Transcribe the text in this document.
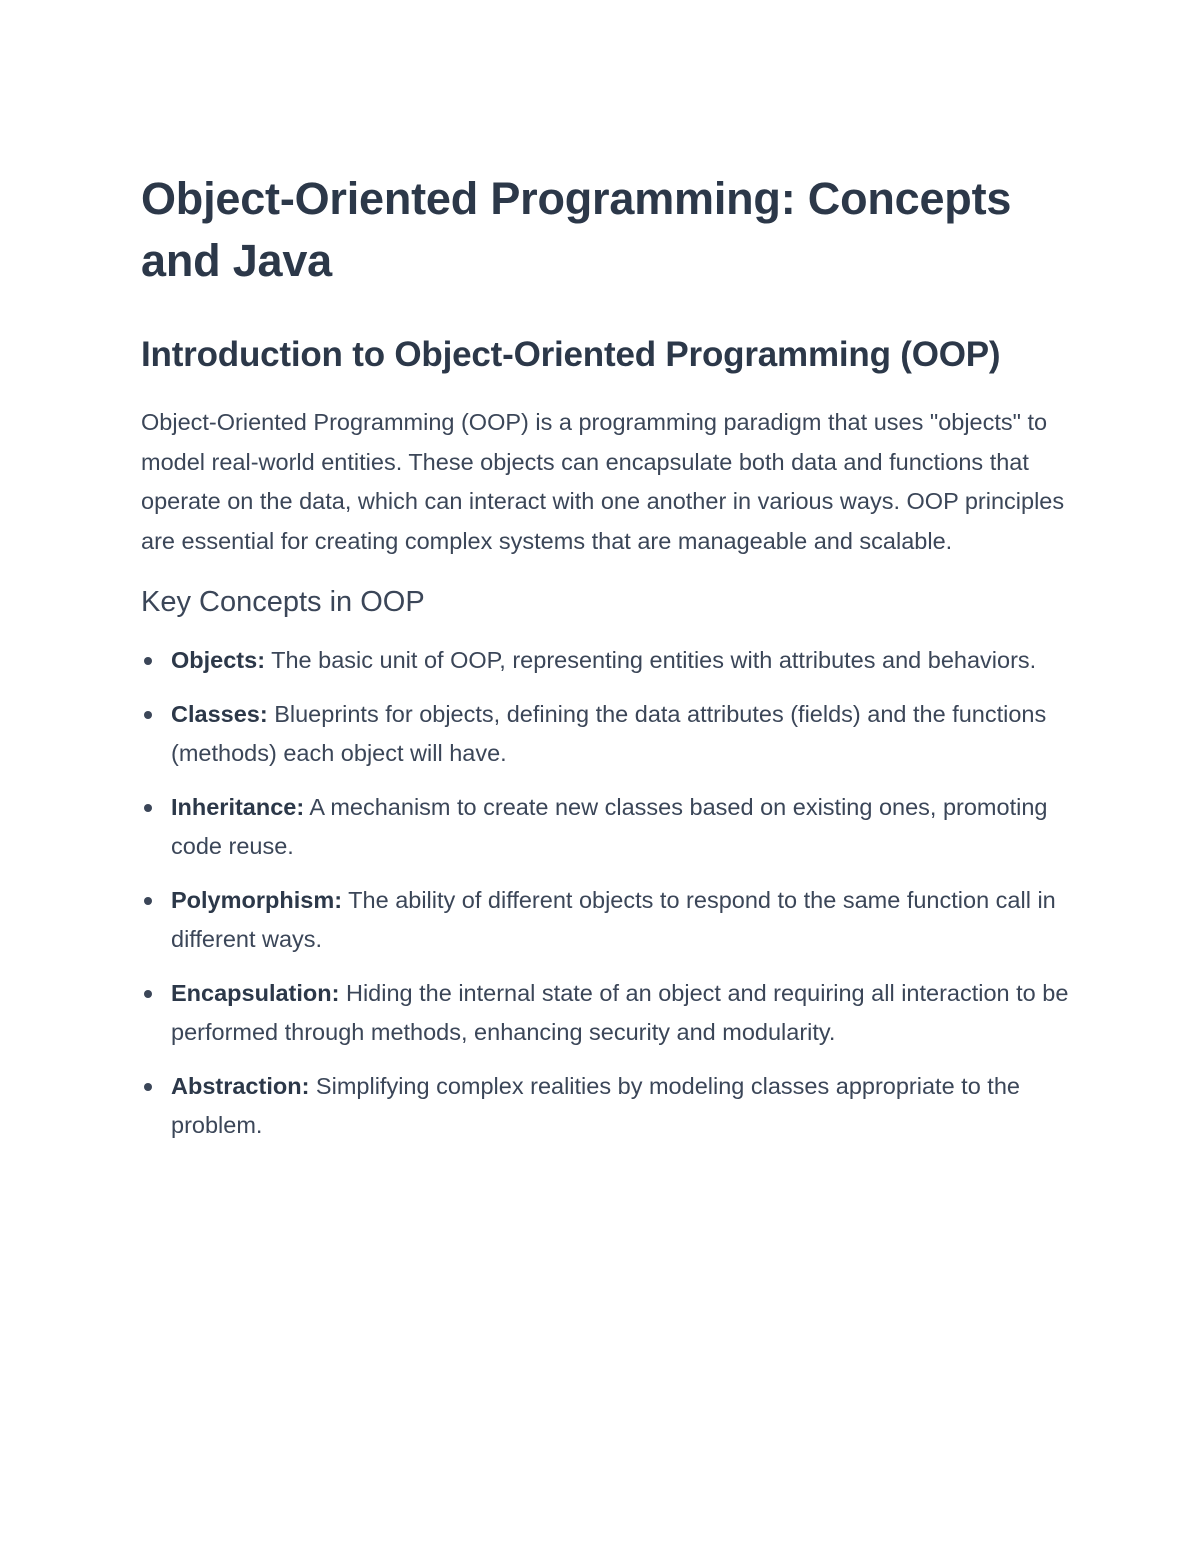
Object-Oriented Programming: Concepts and Java
Introduction to Object-Oriented Programming (OOP)

Object-Oriented Programming (OOP) is a programming paradigm that uses "objects" to model real-world entities. These objects can encapsulate both data and functions that operate on the data, which can interact with one another in various ways. OOP principles are essential for creating complex systems that are manageable and scalable.

Key Concepts in OOP
Objects: The basic unit of OOP, representing entities with attributes and behaviors.
Classes: Blueprints for objects, defining the data attributes (fields) and the functions (methods) each object will have.
Inheritance: A mechanism to create new classes based on existing ones, promoting code reuse.
Polymorphism: The ability of different objects to respond to the same function call in different ways.
Encapsulation: Hiding the internal state of an object and requiring all interaction to be performed through methods, enhancing security and modularity.
Abstraction: Simplifying complex realities by modeling classes appropriate to the problem.
